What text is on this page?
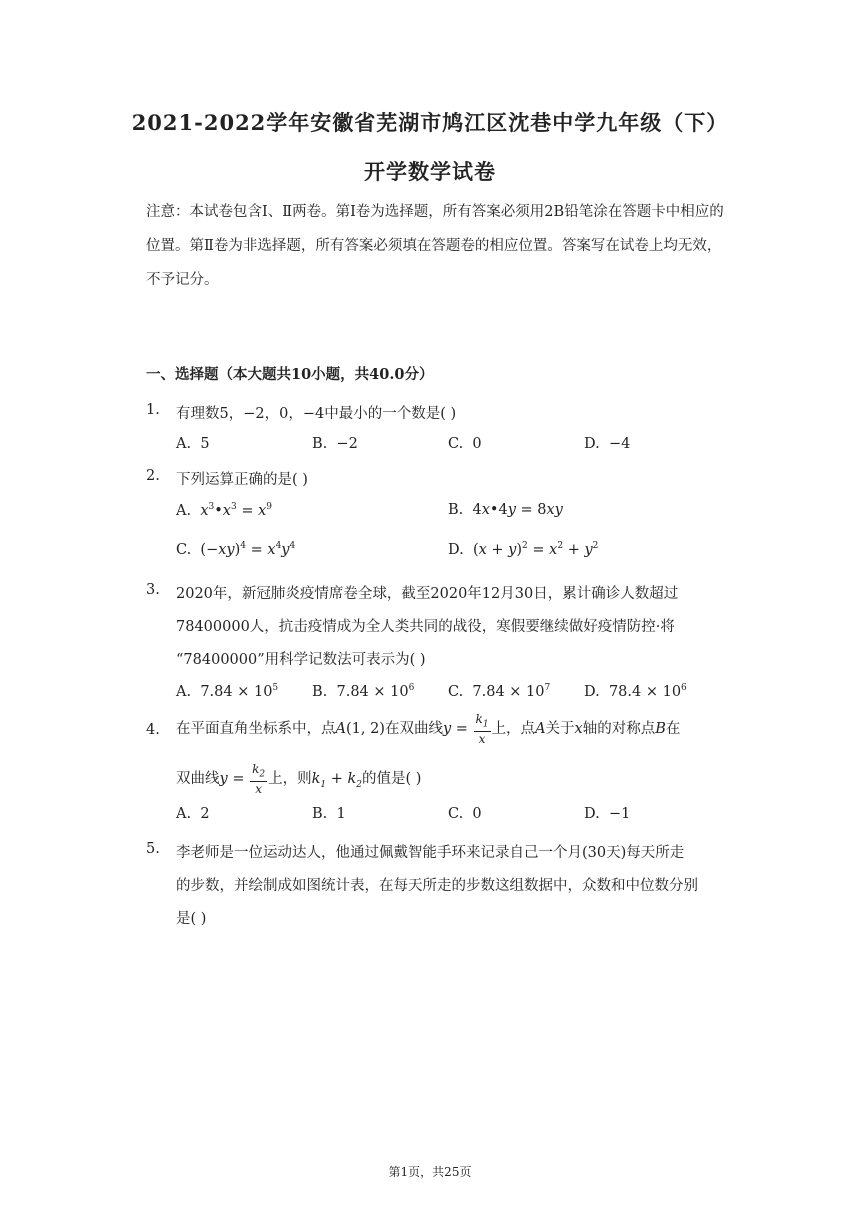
2021-2022学年安徽省芜湖市鸠江区沈巷中学九年级（下）
开学数学试卷
注意：本试卷包含Ⅰ、Ⅱ两卷。第Ⅰ卷为选择题，所有答案必须用2B铅笔涂在答题卡中相应的位置。第Ⅱ卷为非选择题，所有答案必须填在答题卷的相应位置。答案写在试卷上均无效，不予记分。
一、选择题（本大题共10小题，共40.0分）
1. 有理数5，−2，0，−4中最小的一个数是( )
A. 5	B. −2	C. 0	D. −4
2. 下列运算正确的是( )
A. $x^3•x^3 = x^9$	B. 4x•4y = 8xy
C. $(-xy)^4 = x^4y^4$	D. $(x + y)^2 = x^2 + y^2$
3. 2020年，新冠肺炎疫情席卷全球，截至2020年12月30日，累计确诊人数超过
78400000人，抗击疫情成为全人类共同的战役，寒假要继续做好疫情防控·将
“78400000”用科学记数法可表示为( )
A. $7.84 \times 10^5$ B. $7.84 \times 10^6$ C. $7.84 \times 10^7$ D. $78.4 \times 10^6$
4. 在平面直角坐标系中，点A(1, 2)在双曲线$y = \frac{k_1}{x}$ 上，点A关于x轴的对称点B在
双曲线$y = \frac{k_2}{x}$ 上，则$k_1 + k_2$的值是( )
A. 2	B. 1	C. 0	D. −1
5. 李老师是一位运动达人，他通过佩戴智能手环来记录自己一个月(30天)每天所走
的步数，并绘制成如图统计表，在每天所走的步数这组数据中，众数和中位数分别
是( )
第1页，共25页
